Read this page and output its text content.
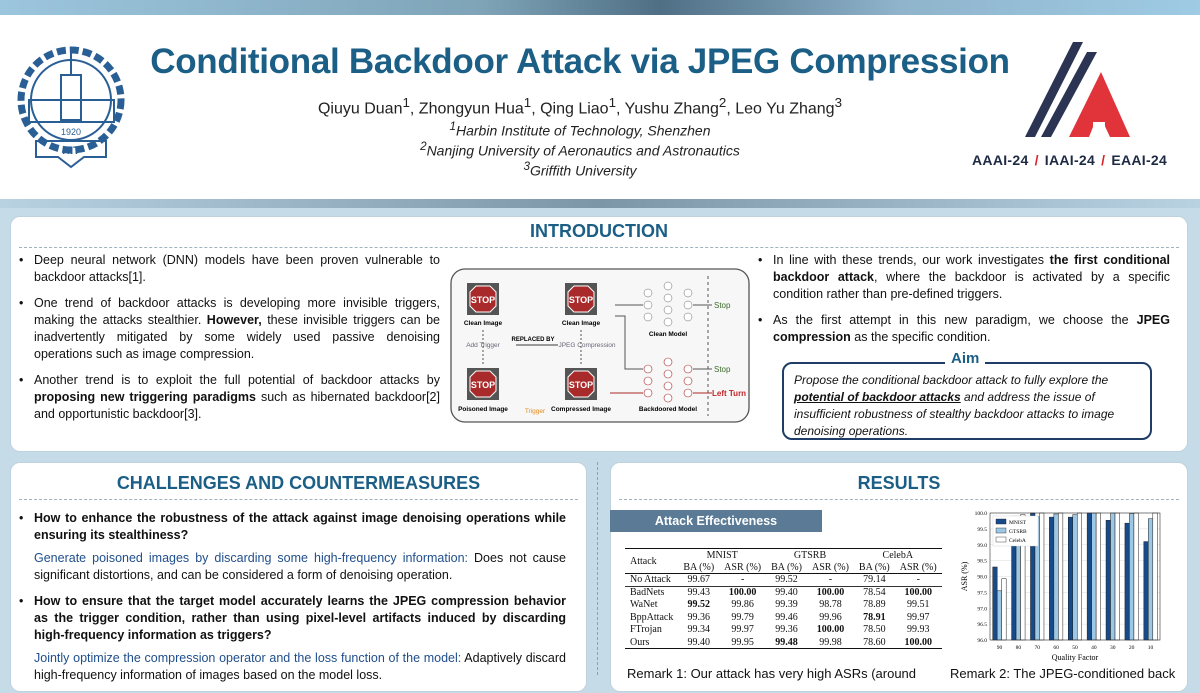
1920
HIT
Conditional Backdoor Attack via JPEG Compression
Qiuyu Duan$^1$, Zhongyun Hua$^1$, Qing Liao$^1$, Yushu Zhang$^2$, Leo Yu Zhang$^3$
$^1$Harbin Institute of Technology, Shenzhen
$^2$Nanjing University of Aeronautics and Astronautics
$^3$Griffith University
AAAI-24 / IAAI-24 / EAAI-24
INTRODUCTION
• Deep neural network (DNN) models have been proven vulnerable to backdoor attacks[1].
• One trend of backdoor attacks is developing more invisible triggers, making the attacks stealthier. However, these invisible triggers can be inadvertently mitigated by some widely used passive denoising operations such as image compression.
• Another trend is to exploit the full potential of backdoor attacks by proposing new triggering paradigms such as hibernated backdoor[2] and opportunistic backdoor[3].
• In line with these trends, our work investigates the first conditional backdoor attack, where the backdoor is activated by a specific condition rather than pre-defined triggers.
• As the first attempt in this new paradigm, we choose the JPEG compression as the specific condition.
Propose the conditional backdoor attack to fully explore the potential of backdoor attacks and address the issue of insufficient robustness of stealthy backdoor attacks to image denoising operations.
Aim
STOP	STOP
STOP	STOP
Clean Image	Clean Image
Poisoned Image	Compressed Image
Trigger
Add Trigger
REPLACED BY
JPEG Compression
Clean Model
Backdoored Model
Stop
Stop
Left Turn
CHALLENGES AND COUNTERMEASURES
• How to enhance the robustness of the attack against image denoising operations while ensuring its stealthiness?
Generate poisoned images by discarding some high-frequency information: Does not cause significant distortions, and can be considered a form of denoising operation.
• How to ensure that the target model accurately learns the JPEG compression behavior as the trigger condition, rather than using pixel-level artifacts induced by discarding high-frequency information as triggers?
Jointly optimize the compression operator and the loss function of the model: Adaptively discard high-frequency information of images based on the model loss.
RESULTS
Attack Effectiveness
Attack	MNIST		GTSRB		CelebA	
	BA (%)	ASR (%)	BA (%)	ASR (%)	BA (%)	ASR (%)
No Attack	99.67	-	99.52	-	79.14	-
BadNets	99.43	100.00	99.40	100.00	78.54	100.00
WaNet	99.52	99.86	99.39	98.78	78.89	99.51
BppAttack	99.36	99.79	99.46	99.96	78.91	99.97
FTrojan	99.34	99.97	99.36	100.00	78.50	99.93
Ours	99.40	99.95	99.48	99.98	78.60	100.00	96.0
96.5
97.0
97.5
98.0
98.5
99.0
99.5
100.0
90 80 70 60 50 40 30 20 10
Quality Factor
ASR (%)
MNIST
GTSRB
CelebA
Remark 1: Our attack has very high ASRs (around	Remark 2: The JPEG-conditioned back
